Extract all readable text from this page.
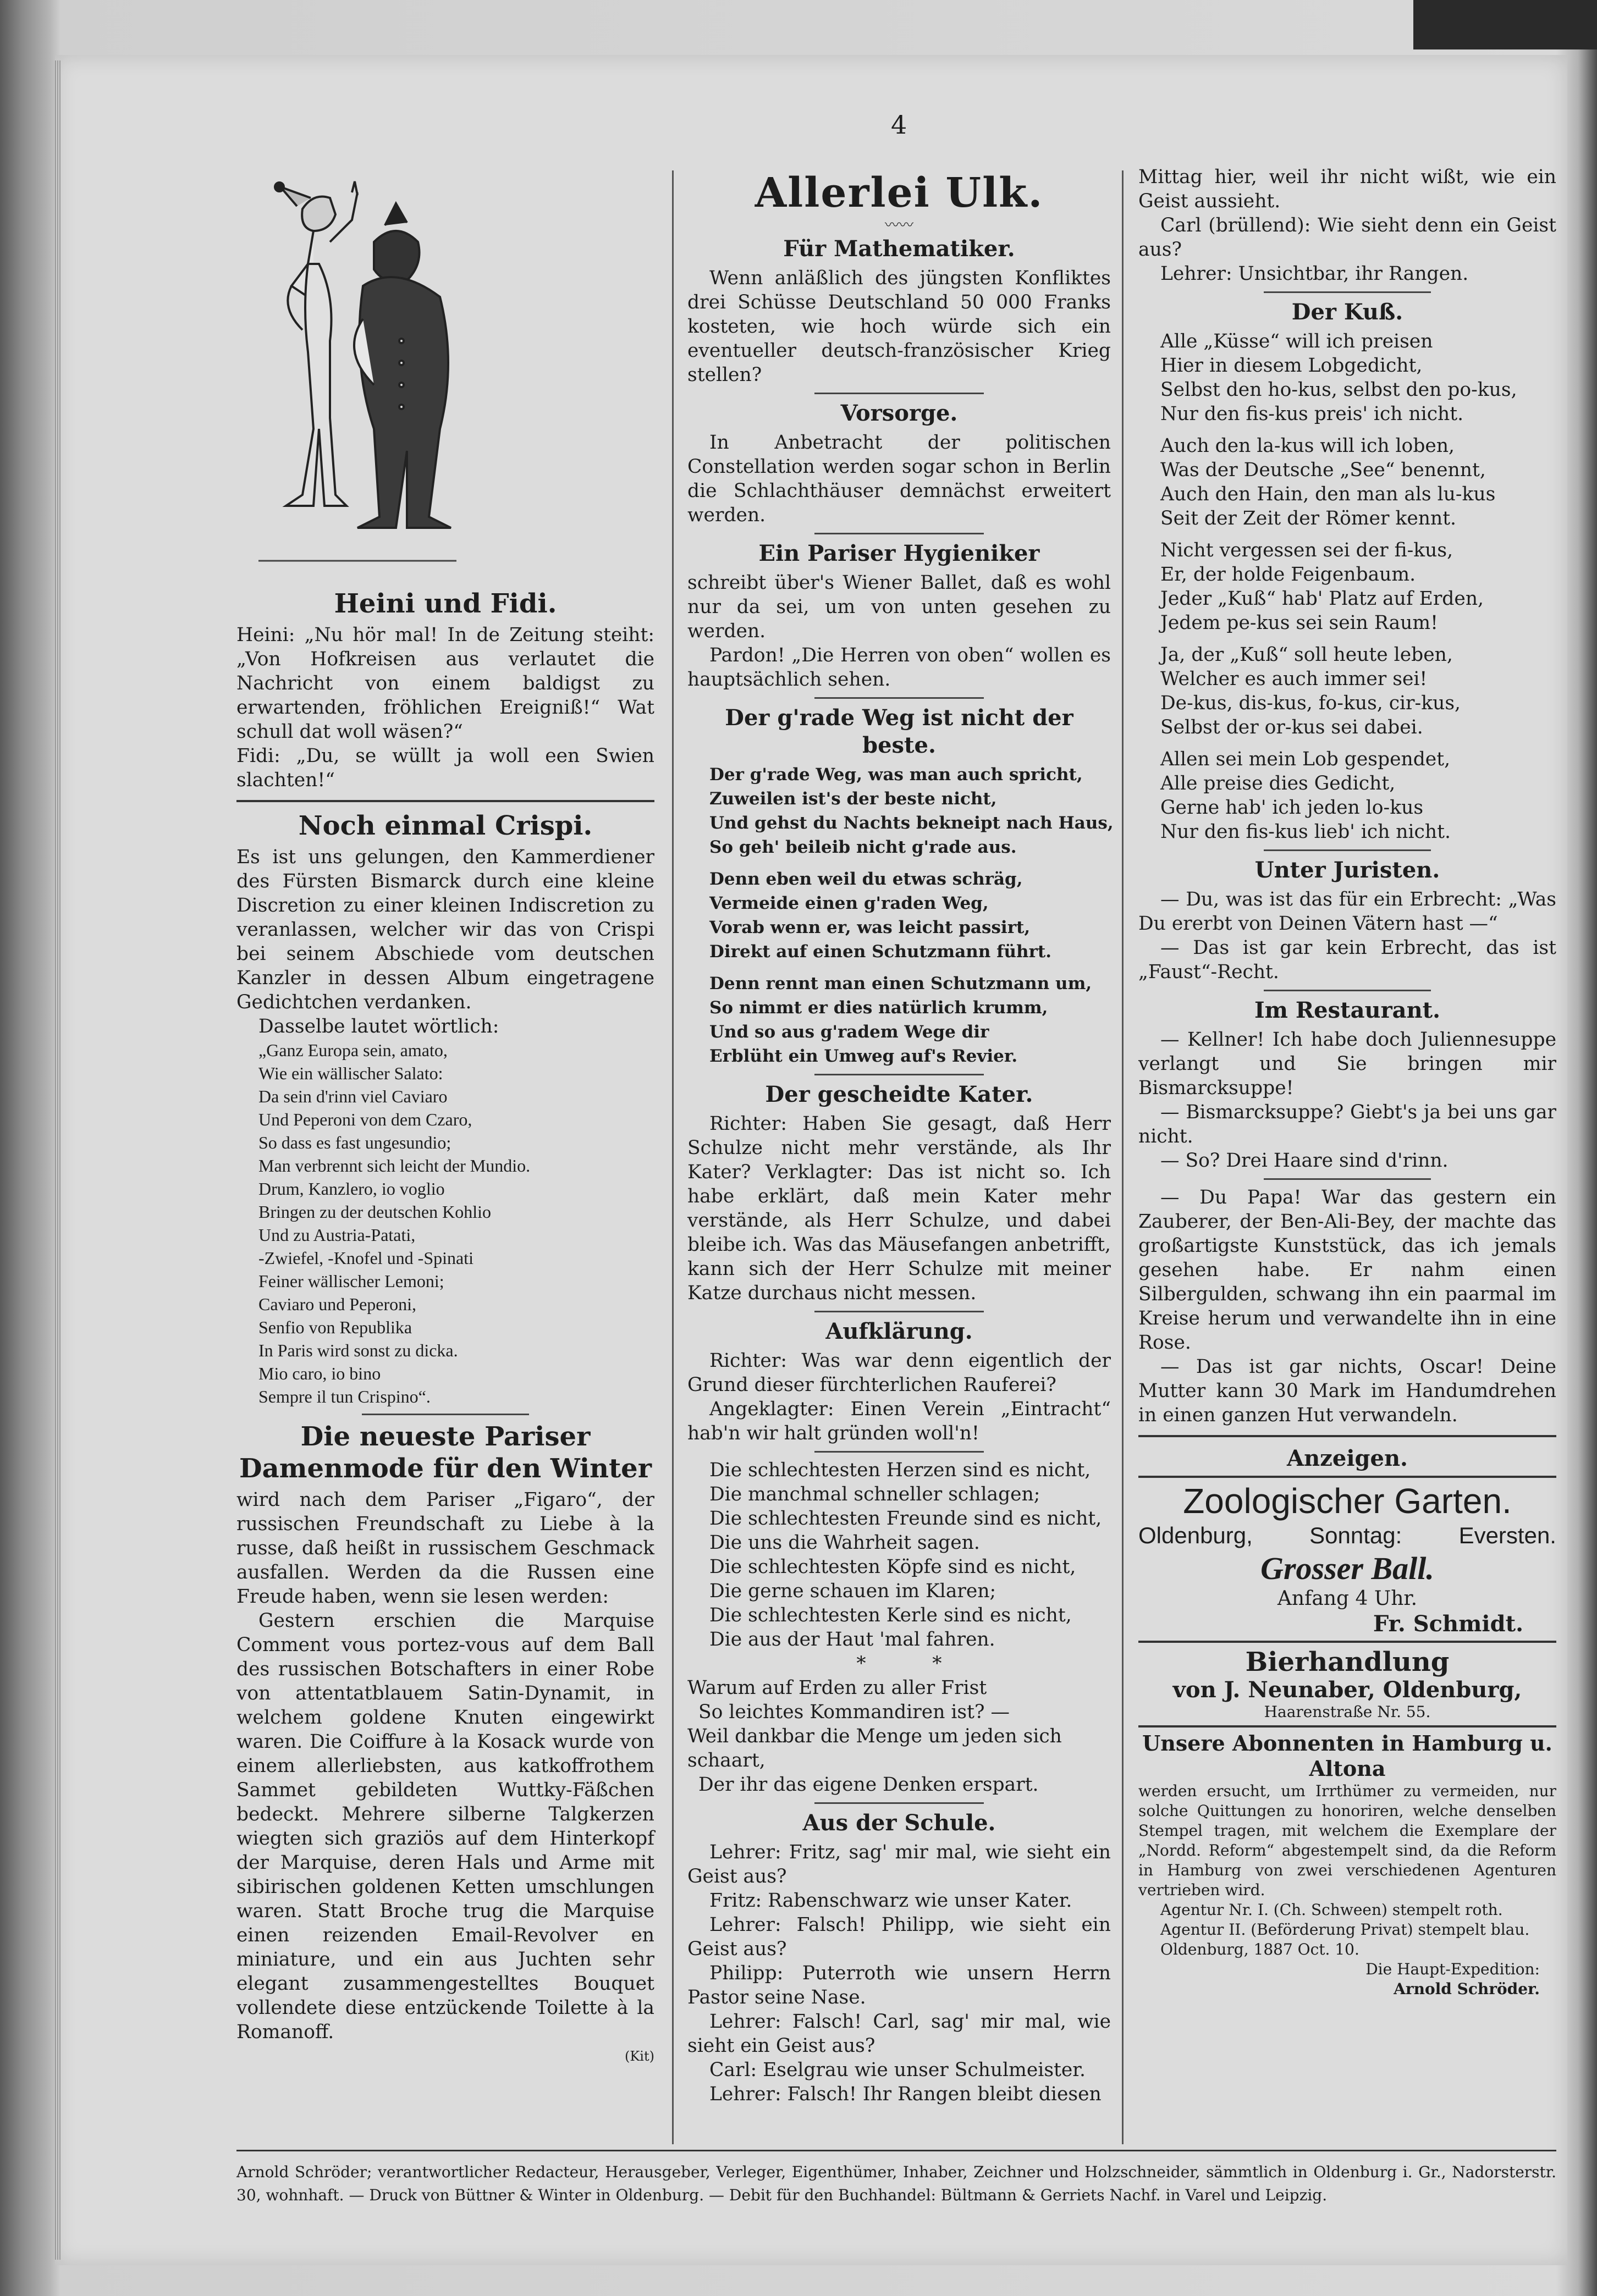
4
Heini und Fidi.

Heini: „Nu hör mal! In de Zeitung steiht: „Von Hofkreisen aus verlautet die Nachricht von einem baldigst zu erwartenden, fröhlichen Ereigniß!“ Wat schull dat woll wäsen?“

Fidi: „Du, se wüllt ja woll een Swien slachten!“

Noch einmal Crispi.

Es ist uns gelungen, den Kammerdiener des Fürsten Bismarck durch eine kleine Discretion zu einer kleinen Indiscretion zu veranlassen, welcher wir das von Crispi bei seinem Abschiede vom deutschen Kanzler in dessen Album eingetragene Gedichtchen verdanken.

Dasselbe lautet wörtlich:

„Ganz Europa sein, amato,
Wie ein wällischer Salato:
Da sein d'rinn viel Caviaro
Und Peperoni von dem Czaro,
So dass es fast ungesundio;
Man verbrennt sich leicht der Mundio.
Drum, Kanzlero, io voglio
Bringen zu der deutschen Kohlio
Und zu Austria-Patati,
-Zwiefel, -Knofel und -Spinati
Feiner wällischer Lemoni;
Caviaro und Peperoni,
Senfio von Republika
In Paris wird sonst zu dicka.
Mio caro, io bino
Sempre il tun Crispino“.
Die neueste Pariser Damenmode für den Winter

wird nach dem Pariser „Figaro“, der russischen Freundschaft zu Liebe à la russe, daß heißt in russischem Geschmack ausfallen. Werden da die Russen eine Freude haben, wenn sie lesen werden:

Gestern erschien die Marquise Comment vous portez-vous auf dem Ball des russischen Botschafters in einer Robe von attentatblauem Satin-Dynamit, in welchem goldene Knuten eingewirkt waren. Die Coiffure à la Kosack wurde von einem allerliebsten, aus katkoffrothem Sammet gebildeten Wuttky-Fäßchen bedeckt. Mehrere silberne Talgkerzen wiegten sich graziös auf dem Hinterkopf der Marquise, deren Hals und Arme mit sibirischen goldenen Ketten umschlungen waren. Statt Broche trug die Marquise einen reizenden Email-Revolver en miniature, und ein aus Juchten sehr elegant zusammengestelltes Bouquet vollendete diese entzückende Toilette à la Romanoff.

(Kit)
Allerlei Ulk.
〰〰
Für Mathematiker.

Wenn anläßlich des jüngsten Konfliktes drei Schüsse Deutschland 50 000 Franks kosteten, wie hoch würde sich ein eventueller deutsch-französischer Krieg stellen?

Vorsorge.

In Anbetracht der politischen Constellation werden sogar schon in Berlin die Schlachthäuser demnächst erweitert werden.

Ein Pariser Hygieniker

schreibt über's Wiener Ballet, daß es wohl nur da sei, um von unten gesehen zu werden.

Pardon! „Die Herren von oben“ wollen es hauptsächlich sehen.

Der g'rade Weg ist nicht der beste.
Der g'rade Weg, was man auch spricht,
Zuweilen ist's der beste nicht,
Und gehst du Nachts bekneipt nach Haus,
So geh' beileib nicht g'rade aus.
Denn eben weil du etwas schräg,
Vermeide einen g'raden Weg,
Vorab wenn er, was leicht passirt,
Direkt auf einen Schutzmann führt.
Denn rennt man einen Schutzmann um,
So nimmt er dies natürlich krumm,
Und so aus g'radem Wege dir
Erblüht ein Umweg auf's Revier.
Der gescheidte Kater.

Richter: Haben Sie gesagt, daß Herr Schulze nicht mehr verstände, als Ihr Kater? Verklagter: Das ist nicht so. Ich habe erklärt, daß mein Kater mehr verstände, als Herr Schulze, und dabei bleibe ich. Was das Mäusefangen anbetrifft, kann sich der Herr Schulze mit meiner Katze durchaus nicht messen.

Aufklärung.

Richter: Was war denn eigentlich der Grund dieser fürchterlichen Rauferei?

Angeklagter: Einen Verein „Eintracht“ hab'n wir halt gründen woll'n!

Die schlechtesten Herzen sind es nicht,
Die manchmal schneller schlagen;
Die schlechtesten Freunde sind es nicht,
Die uns die Wahrheit sagen.
Die schlechtesten Köpfe sind es nicht,
Die gerne schauen im Klaren;
Die schlechtesten Kerle sind es nicht,
Die aus der Haut 'mal fahren.
*           *
Warum auf Erden zu aller Frist
So leichtes Kommandiren ist? —
Weil dankbar die Menge um jeden sich schaart,
Der ihr das eigene Denken erspart.
Aus der Schule.

Lehrer: Fritz, sag' mir mal, wie sieht ein Geist aus?

Fritz: Rabenschwarz wie unser Kater.

Lehrer: Falsch! Philipp, wie sieht ein Geist aus?

Philipp: Puterroth wie unsern Herrn Pastor seine Nase.

Lehrer: Falsch! Carl, sag' mir mal, wie sieht ein Geist aus?

Carl: Eselgrau wie unser Schulmeister.

Lehrer: Falsch! Ihr Rangen bleibt diesen

Mittag hier, weil ihr nicht wißt, wie ein Geist aussieht.

Carl (brüllend): Wie sieht denn ein Geist aus?

Lehrer: Unsichtbar, ihr Rangen.

Der Kuß.
Alle „Küsse“ will ich preisen
Hier in diesem Lobgedicht,
Selbst den ho-kus, selbst den po-kus,
Nur den fis-kus preis' ich nicht.
Auch den la-kus will ich loben,
Was der Deutsche „See“ benennt,
Auch den Hain, den man als lu-kus
Seit der Zeit der Römer kennt.
Nicht vergessen sei der fi-kus,
Er, der holde Feigenbaum.
Jeder „Kuß“ hab' Platz auf Erden,
Jedem pe-kus sei sein Raum!
Ja, der „Kuß“ soll heute leben,
Welcher es auch immer sei!
De-kus, dis-kus, fo-kus, cir-kus,
Selbst der or-kus sei dabei.
Allen sei mein Lob gespendet,
Alle preise dies Gedicht,
Gerne hab' ich jeden lo-kus
Nur den fis-kus lieb' ich nicht.
Unter Juristen.

— Du, was ist das für ein Erbrecht: „Was Du ererbt von Deinen Vätern hast —“

— Das ist gar kein Erbrecht, das ist „Faust“-Recht.

Im Restaurant.

— Kellner! Ich habe doch Juliennesuppe verlangt und Sie bringen mir Bismarcksuppe!

— Bismarcksuppe? Giebt's ja bei uns gar nicht.

— So? Drei Haare sind d'rinn.

— Du Papa! War das gestern ein Zauberer, der Ben-Ali-Bey, der machte das großartigste Kunststück, das ich jemals gesehen habe. Er nahm einen Silbergulden, schwang ihn ein paarmal im Kreise herum und verwandelte ihn in eine Rose.

— Das ist gar nichts, Oscar! Deine Mutter kann 30 Mark im Handumdrehen in einen ganzen Hut verwandeln.

Anzeigen.
Zoologischer Garten.
Oldenburg, Sonntag: Eversten.
Grosser Ball.
Anfang 4 Uhr.
Fr. Schmidt.
Bierhandlung
von J. Neunaber, Oldenburg,
Haarenstraße Nr. 55.
Unsere Abonnenten in Hamburg u. Altona

werden ersucht, um Irrthümer zu vermeiden, nur solche Quittungen zu honoriren, welche denselben Stempel tragen, mit welchem die Exemplare der „Nordd. Reform“ abgestempelt sind, da die Reform in Hamburg von zwei verschiedenen Agenturen vertrieben wird.

Agentur Nr. I. (Ch. Schween) stempelt roth.

Agentur II. (Beförderung Privat) stempelt blau.

Oldenburg, 1887 Oct. 10.

Die Haupt-Expedition:
Arnold Schröder.
Arnold Schröder; verantwortlicher Redacteur, Herausgeber, Verleger, Eigenthümer, Inhaber, Zeichner und Holzschneider, sämmtlich in Oldenburg i. Gr., Nadorsterstr. 30, wohnhaft. — Druck von Büttner & Winter in Oldenburg. — Debit für den Buchhandel: Bültmann & Gerriets Nachf. in Varel und Leipzig.
